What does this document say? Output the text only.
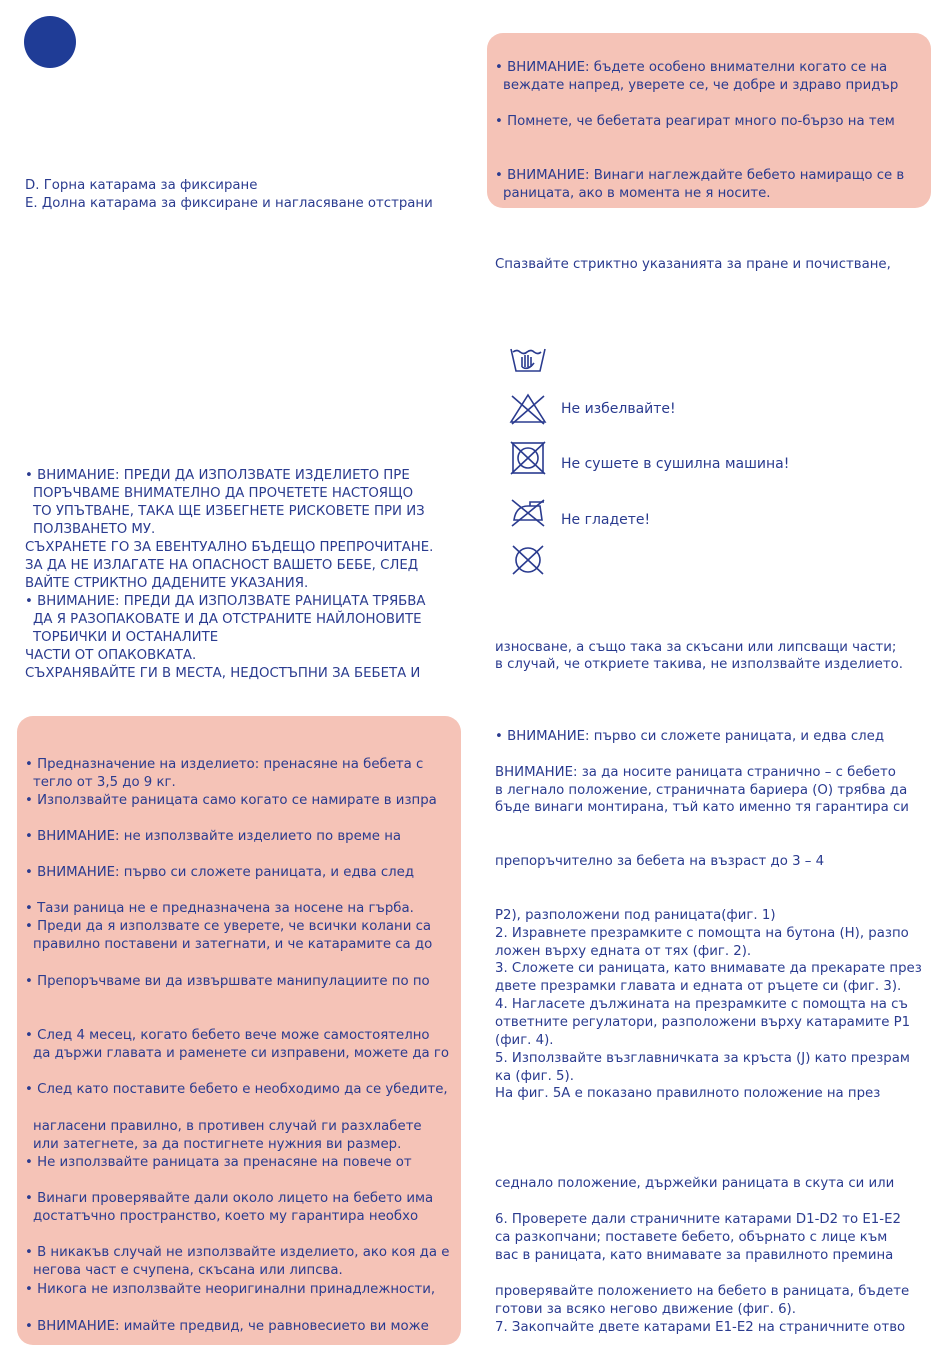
D. Горна катарама за фиксиране
E. Долна катарама за фиксиране и нагласяване отстрани
• ВНИМАНИЕ: ПРЕДИ ДА ИЗПОЛЗВАТЕ ИЗДЕЛИЕТО ПРЕ
ПОРЪЧВАМЕ ВНИМАТЕЛНО ДА ПРОЧЕТЕТЕ НАСТОЯЩО
ТО УПЪТВАНЕ, ТАКА ЩЕ ИЗБЕГНЕТЕ РИСКОВЕТЕ ПРИ ИЗ
ПОЛЗВАНЕТО МУ.
СЪХРАНЕТЕ ГО ЗА ЕВЕНТУАЛНО БЪДЕЩО ПРЕПРОЧИТАНЕ.
ЗА ДА НЕ ИЗЛАГАТЕ НА ОПАСНОСТ ВАШЕТО БЕБЕ, СЛЕД
ВАЙТЕ СТРИКТНО ДАДЕНИТЕ УКАЗАНИЯ.
• ВНИМАНИЕ: ПРЕДИ ДА ИЗПОЛЗВАТЕ РАНИЦАТА ТРЯБВА
ДА Я РАЗОПАКОВАТЕ И ДА ОТСТРАНИТЕ НАЙЛОНОВИТЕ
ТОРБИЧКИ И ОСТАНАЛИТЕ
ЧАСТИ ОТ ОПАКОВКАТА.
СЪХРАНЯВАЙТЕ ГИ В МЕСТА, НЕДОСТЪПНИ ЗА БЕБЕТА И
• Предназначение на изделието: пренасяне на бебета с
тегло от 3,5 до 9 кг.
• Използвайте раницата само когато се намирате в изпра
• ВНИМАНИЕ: не използвайте изделието по време на
• ВНИМАНИЕ: първо си сложете раницата, и едва след
• Тази раница не е предназначена за носене на гърба.
• Преди да я използвате се уверете, че всички колани са
правилно поставени и затегнати, и че катарамите са до
• Препоръчваме ви да извършвате манипулациите по по
• След 4 месец, когато бебето вече може самостоятелно
да държи главата и раменете си изправени, можете да го
• След като поставите бебето е необходимо да се убедите,
нагласени правилно, в противен случай ги разхлабете
или затегнете, за да постигнете нужния ви размер.
• Не използвайте раницата за пренасяне на повече от
• Винаги проверявайте дали около лицето на бебето има
достатъчно пространство, което му гарантира необхо
• В никакъв случай не използвайте изделието, ако коя да е
негова част е счупена, скъсана или липсва.
• Никога не използвайте неоригинални принадлежности,
• ВНИМАНИЕ: имайте предвид, че равновесието ви може
• ВНИМАНИЕ: бъдете особено внимателни когато се на
веждате напред, уверете се, че добре и здраво придър
• Помнете, че бебетата реагират много по-бързо на тем
• ВНИМАНИЕ: Винаги наглеждайте бебето намиращо се в
раницата, ако в момента не я носите.
Спазвайте стриктно указанията за пране и почистване,
Не избелвайте!
Не сушете в сушилна машина!
Не гладете!
износване, а също така за скъсани или липсващи части;
в случай, че откриете такива, не използвайте изделието.
• ВНИМАНИЕ: първо си сложете раницата, и едва след
ВНИМАНИЕ: за да носите раницата странично – с бебето
в легнало положение, страничната бариера (O) трябва да
бъде винаги монтирана, тъй като именно тя гарантира си
препоръчително за бебета на възраст до 3 – 4
P2), разположени под раницата(фиг. 1)
2. Изравнете презрамките с помощта на бутона (H), разпо
ложен върху едната от тях (фиг. 2).
3. Сложете си раницата, като внимавате да прекарате през
двете презрамки главата и едната от ръцете си (фиг. 3).
4. Нагласете дължината на презрамките с помощта на съ
ответните регулатори, разположени върху катарамите P1
(фиг. 4).
5. Използвайте възглавничката за кръста (J) като презрам
ка (фиг. 5).
На фиг. 5A е показано правилното положение на през
седнало положение, държейки раницата в скута си или
6. Проверете дали страничните катарами D1-D2 то E1-E2
са разкопчани; поставете бебето, обърнато с лице към
вас в раницата, като внимавате за правилното премина
проверявайте положението на бебето в раницата, бъдете
готови за всяко негово движение (фиг. 6).
7. Закопчайте двете катарами E1-E2 на страничните отво
